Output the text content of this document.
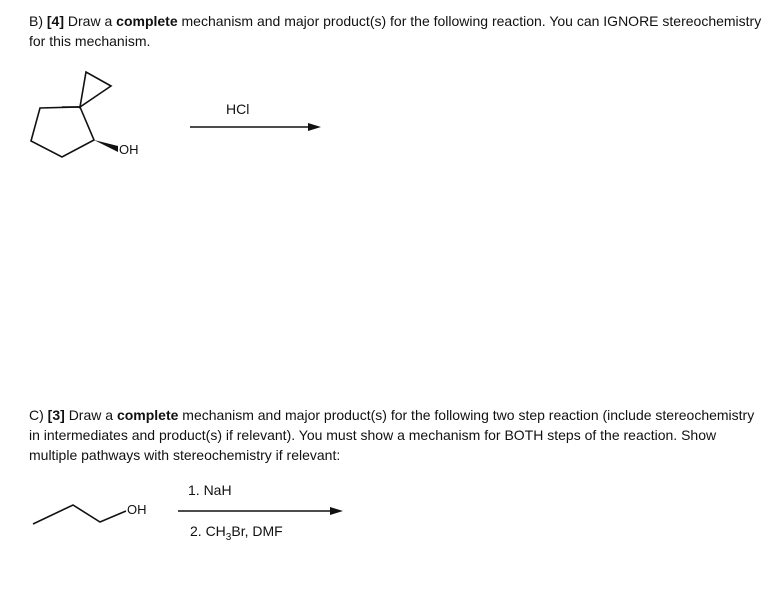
B) [4] Draw a complete mechanism and major product(s) for the following reaction. You can IGNORE stereochemistry for this mechanism.

OH
HCl

C) [3] Draw a complete mechanism and major product(s) for the following two step reaction (include stereochemistry in intermediates and product(s) if relevant). You must show a mechanism for BOTH steps of the reaction. Show multiple pathways with stereochemistry if relevant:

OH
1. NaH
2. $CH_3Br$, DMF
